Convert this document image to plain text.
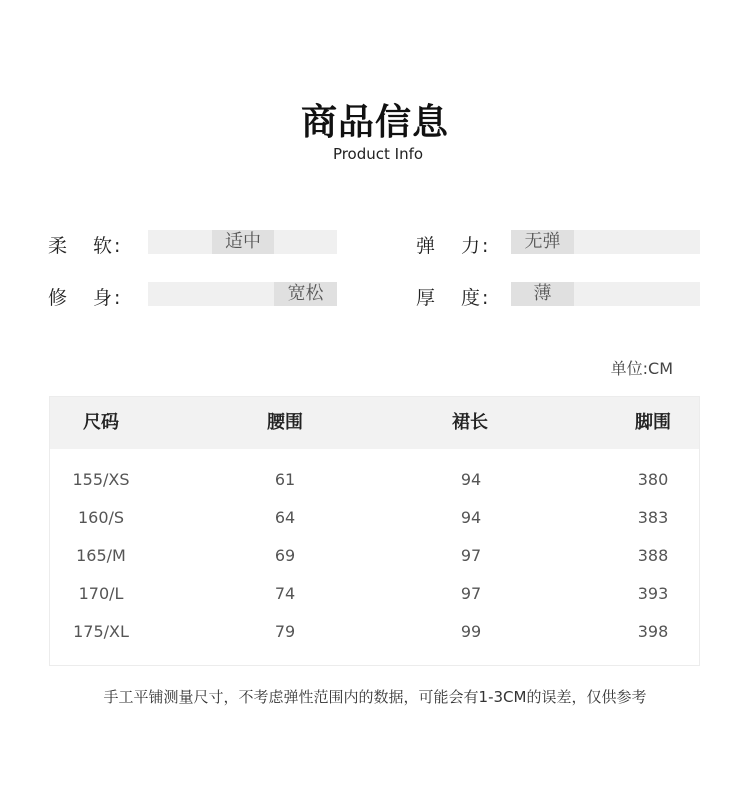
商品信息
Product Info
柔 软 :	适中	弹 力 :	无弹
修 身 :	宽松	厚 度 :	薄
单位:CM
尺码	腰围	裙长	脚围
155/XS	61	94	380
160/S	64	94	383
165/M	69	97	388
170/L	74	97	393
175/XL	79	99	398
手工平铺测量尺寸，不考虑弹性范围内的数据，可能会有1-3CM的误差，仅供参考
